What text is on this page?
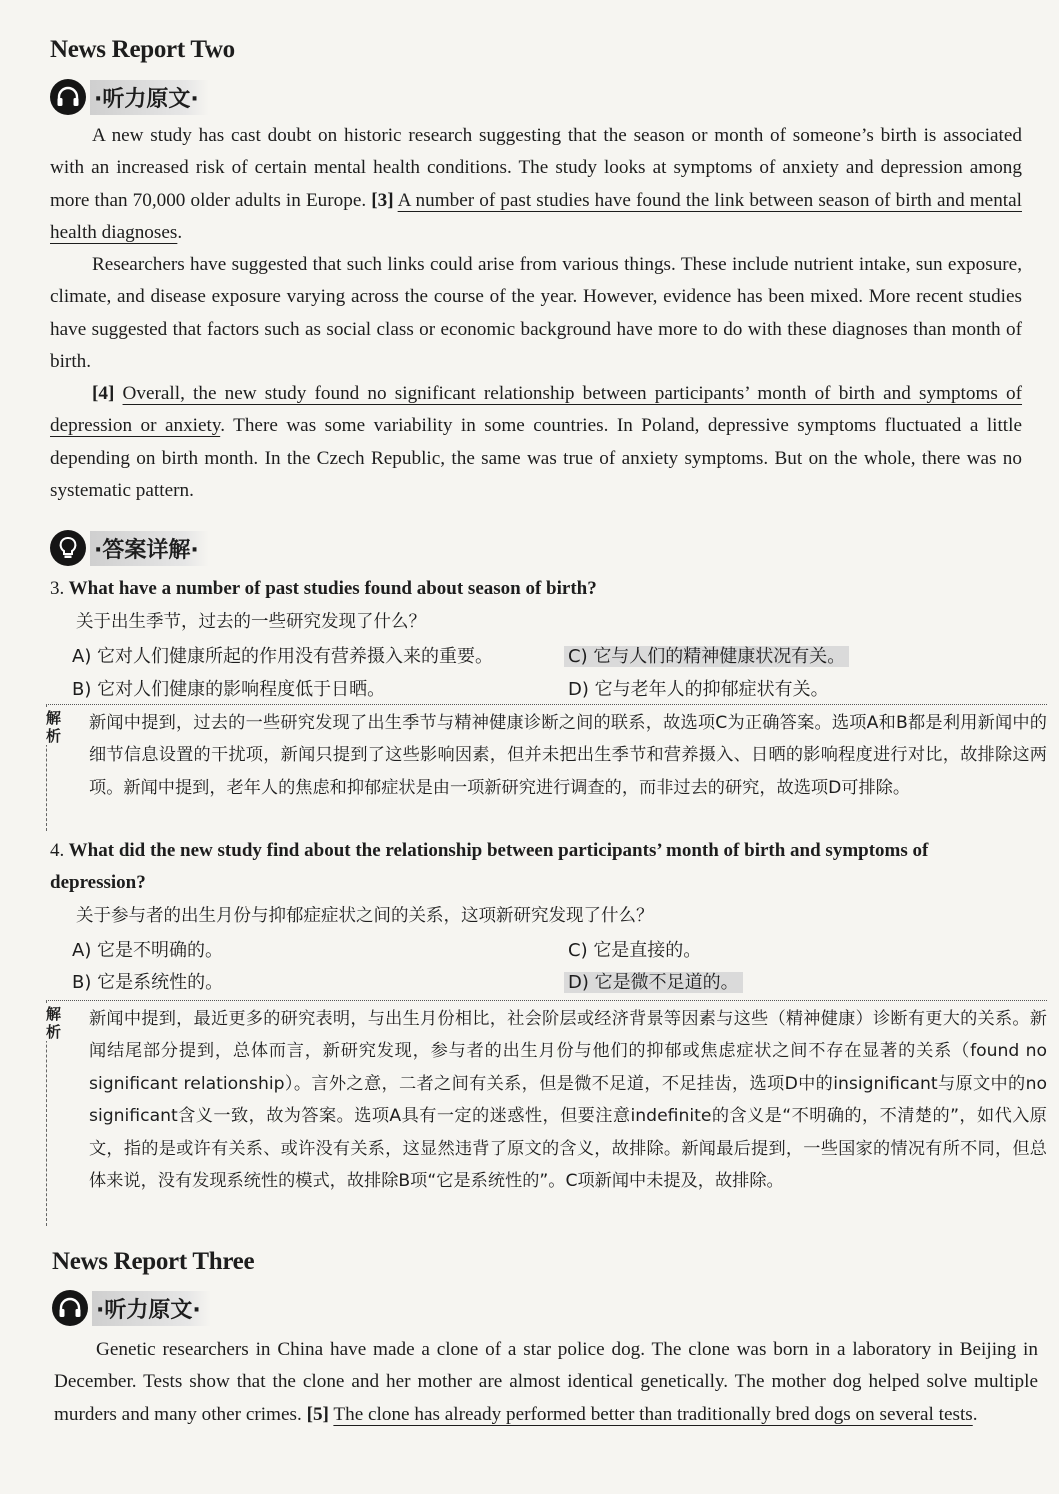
News Report Two
·听力原文·
A new study has cast doubt on historic research suggesting that the season or month of someone’s birth is associated with an increased risk of certain mental health conditions. The study looks at symptoms of anxiety and depression among more than 70,000 older adults in Europe. [3] A number of past studies have found the link between season of birth and mental health diagnoses.
Researchers have suggested that such links could arise from various things. These include nutrient intake, sun exposure, climate, and disease exposure varying across the course of the year. However, evidence has been mixed. More recent studies have suggested that factors such as social class or economic background have more to do with these diagnoses than month of birth.
[4] Overall, the new study found no significant relationship between participants’ month of birth and symptoms of depression or anxiety. There was some variability in some countries. In Poland, depressive symptoms fluctuated a little depending on birth month. In the Czech Republic, the same was true of anxiety symptoms. But on the whole, there was no systematic pattern.
·答案详解·
3. What have a number of past studies found about season of birth?
关于出生季节，过去的一些研究发现了什么？
A) 它对人们健康所起的作用没有营养摄入来的重要。	C) 它与人们的精神健康状况有关。
B) 它对人们健康的影响程度低于日晒。	D) 它与老年人的抑郁症状有关。
解析
新闻中提到，过去的一些研究发现了出生季节与精神健康诊断之间的联系，故选项C为正确答案。选项A和B都是利用新闻中的细节信息设置的干扰项，新闻只提到了这些影响因素，但并未把出生季节和营养摄入、日晒的影响程度进行对比，故排除这两项。新闻中提到，老年人的焦虑和抑郁症状是由一项新研究进行调查的，而非过去的研究，故选项D可排除。
4. What did the new study find about the relationship between participants’ month of birth and symptoms of depression?
关于参与者的出生月份与抑郁症症状之间的关系，这项新研究发现了什么？
A) 它是不明确的。	C) 它是直接的。
B) 它是系统性的。	D) 它是微不足道的。
解析
新闻中提到，最近更多的研究表明，与出生月份相比，社会阶层或经济背景等因素与这些（精神健康）诊断有更大的关系。新闻结尾部分提到，总体而言，新研究发现，参与者的出生月份与他们的抑郁或焦虑症状之间不存在显著的关系（found no significant relationship）。言外之意，二者之间有关系，但是微不足道，不足挂齿，选项D中的insignificant与原文中的no significant含义一致，故为答案。选项A具有一定的迷惑性，但要注意indefinite的含义是“不明确的，不清楚的”，如代入原文，指的是或许有关系、或许没有关系，这显然违背了原文的含义，故排除。新闻最后提到，一些国家的情况有所不同，但总体来说，没有发现系统性的模式，故排除B项“它是系统性的”。C项新闻中未提及，故排除。
News Report Three
·听力原文·
Genetic researchers in China have made a clone of a star police dog. The clone was born in a laboratory in Beijing in December. Tests show that the clone and her mother are almost identical genetically. The mother dog helped solve multiple murders and many other crimes. [5] The clone has already performed better than traditionally bred dogs on several tests.
